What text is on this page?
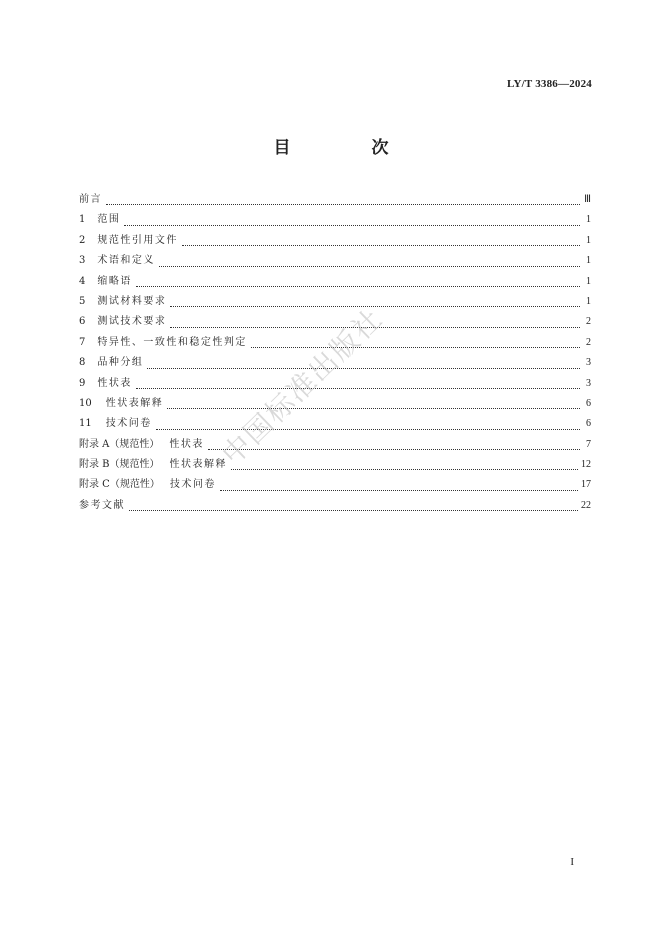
LY/T 3386—2024
目　次
前言	Ⅲ
1 范围	1
2 规范性引用文件	1
3 术语和定义	1
4 缩略语	1
5 测试材料要求	1
6 测试技术要求	2
7 特异性、一致性和稳定性判定	2
8 品种分组	3
9 性状表	3
10 性状表解释	6
11 技术问卷	6
附录 A（规范性） 性状表	7
附录 B（规范性） 性状表解释	12
附录 C（规范性） 技术问卷	17
参考文献	22
中国标准出版社
I
